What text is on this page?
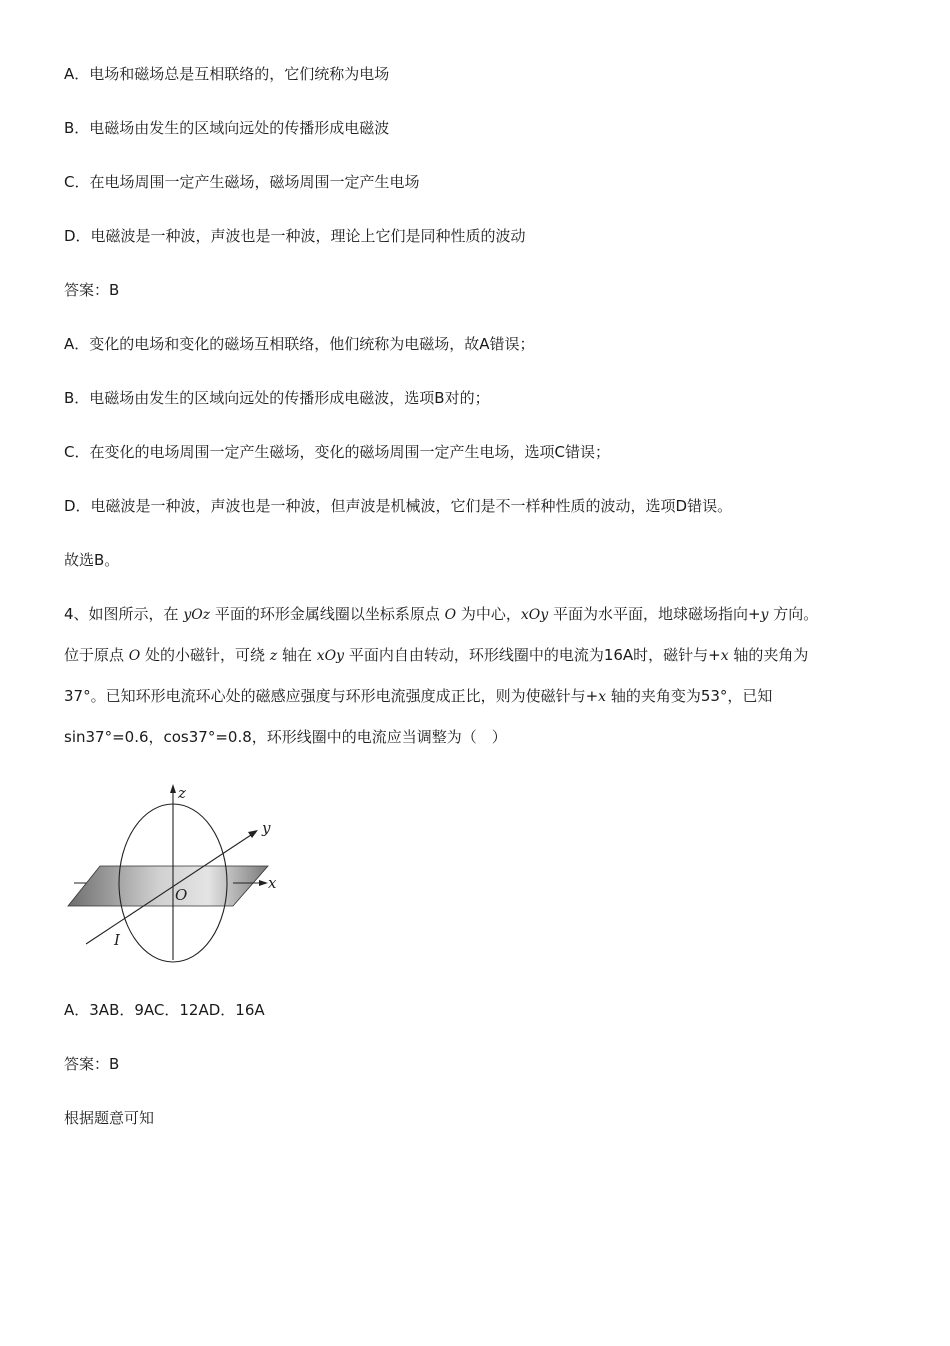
A．电场和磁场总是互相联络的，它们统称为电场
B．电磁场由发生的区域向远处的传播形成电磁波
C．在电场周围一定产生磁场，磁场周围一定产生电场
D．电磁波是一种波，声波也是一种波，理论上它们是同种性质的波动
答案：B
A．变化的电场和变化的磁场互相联络，他们统称为电磁场，故A错误；
B．电磁场由发生的区域向远处的传播形成电磁波，选项B对的；
C．在变化的电场周围一定产生磁场，变化的磁场周围一定产生电场，选项C错误；
D．电磁波是一种波，声波也是一种波，但声波是机械波，它们是不一样种性质的波动，选项D错误。
故选B。
4、如图所示，在 yOz 平面的环形金属线圈以坐标系原点 O 为中心，xOy 平面为水平面，地球磁场指向+y 方向。
位于原点 O 处的小磁针，可绕 z 轴在 xOy 平面内自由转动，环形线圈中的电流为16A时，磁针与+x 轴的夹角为
37°。已知环形电流环心处的磁感应强度与环形电流强度成正比，则为使磁针与+x 轴的夹角变为53°，已知
sin37°=0.6，cos37°=0.8，环形线圈中的电流应当调整为（　）
z
y
x
O
I
A．3AB．9AC．12AD．16A
答案：B
根据题意可知
